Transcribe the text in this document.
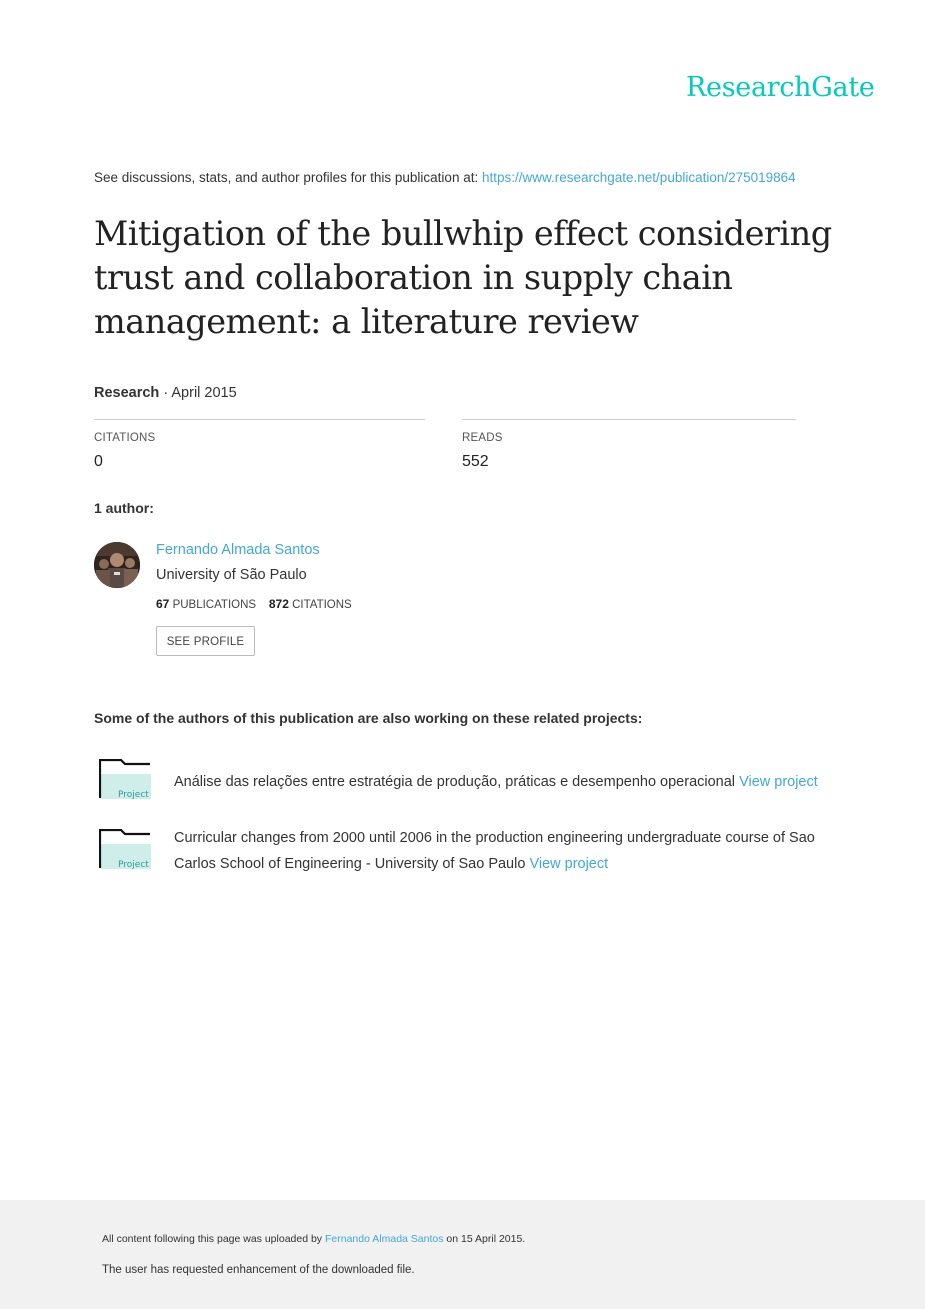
ResearchGate
See discussions, stats, and author profiles for this publication at: https://www.researchgate.net/publication/275019864
Mitigation of the bullwhip effect considering trust and collaboration in supply chain management: a literature review
Research · April 2015
CITATIONS
0
READS
552
1 author:
Fernando Almada Santos
University of São Paulo
67 PUBLICATIONS 872 CITATIONS
SEE PROFILE
Some of the authors of this publication are also working on these related projects:
Project
Análise das relações entre estratégia de produção, práticas e desempenho operacional View project
Project
Curricular changes from 2000 until 2006 in the production engineering undergraduate course of Sao Carlos School of Engineering - University of Sao Paulo View project
All content following this page was uploaded by Fernando Almada Santos on 15 April 2015.
The user has requested enhancement of the downloaded file.
